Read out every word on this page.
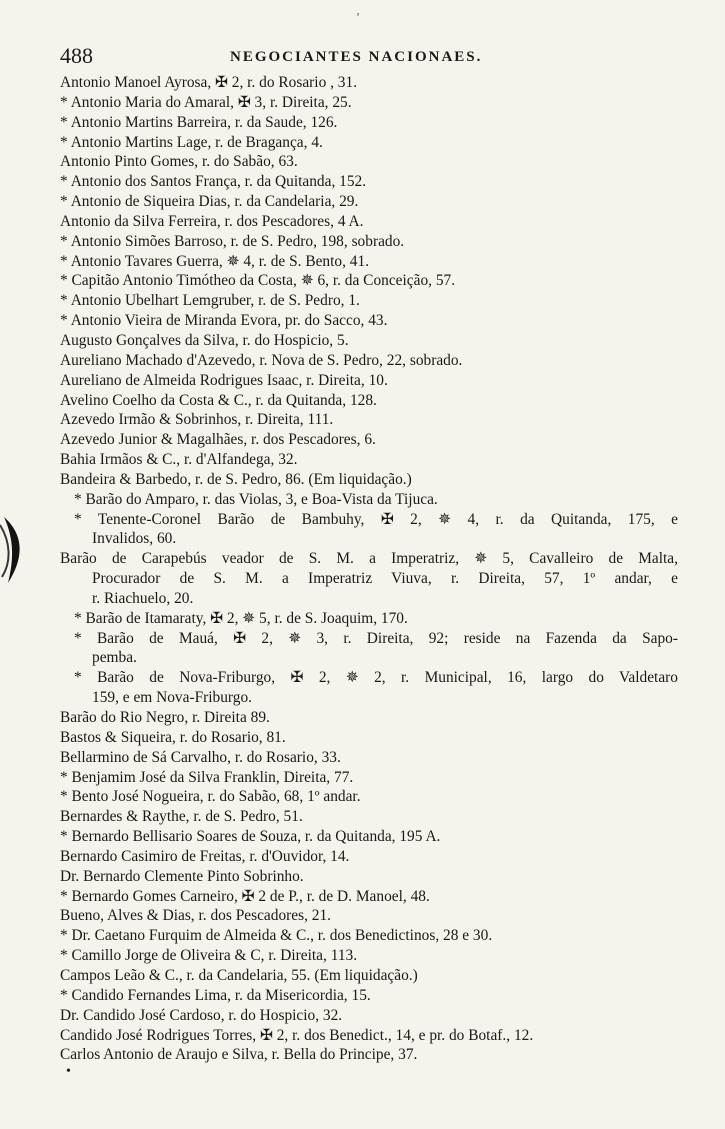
ʼ
488	NEGOCIANTES NACIONAES.
Antonio Manoel Ayrosa, ✠ 2, r. do Rosario , 31.
* Antonio Maria do Amaral, ✠ 3, r. Direita, 25.
* Antonio Martins Barreira, r. da Saude, 126.
* Antonio Martins Lage, r. de Bragança, 4.
Antonio Pinto Gomes, r. do Sabão, 63.
* Antonio dos Santos França, r. da Quitanda, 152.
* Antonio de Siqueira Dias, r. da Candelaria, 29.
Antonio da Silva Ferreira, r. dos Pescadores, 4 A.
* Antonio Simões Barroso, r. de S. Pedro, 198, sobrado.
* Antonio Tavares Guerra, ✵ 4, r. de S. Bento, 41.
* Capitão Antonio Timótheo da Costa, ✵ 6, r. da Conceição, 57.
* Antonio Ubelhart Lemgruber, r. de S. Pedro, 1.
* Antonio Vieira de Miranda Evora, pr. do Sacco, 43.
Augusto Gonçalves da Silva, r. do Hospicio, 5.
Aureliano Machado d'Azevedo, r. Nova de S. Pedro, 22, sobrado.
Aureliano de Almeida Rodrigues Isaac, r. Direita, 10.
Avelino Coelho da Costa & C., r. da Quitanda, 128.
Azevedo Irmão & Sobrinhos, r. Direita, 111.
Azevedo Junior & Magalhães, r. dos Pescadores, 6.
Bahia Irmãos & C., r. d'Alfandega, 32.
Bandeira & Barbedo, r. de S. Pedro, 86. (Em liquidação.)
* Barão do Amparo, r. das Violas, 3, e Boa-Vista da Tijuca.
* Tenente-Coronel Barão de Bambuhy, ✠ 2, ✵ 4, r. da Quitanda, 175, e
Invalidos, 60.
Barão de Carapebús veador de S. M. a Imperatriz, ✵ 5, Cavalleiro de Malta,
Procurador de S. M. a Imperatriz Viuva, r. Direita, 57, 1º andar, e
r. Riachuelo, 20.
* Barão de Itamaraty, ✠ 2, ✵ 5, r. de S. Joaquim, 170.
* Barão de Mauá, ✠ 2, ✵ 3, r. Direita, 92; reside na Fazenda da Sapo-
pemba.
* Barão de Nova-Friburgo, ✠ 2, ✵ 2, r. Municipal, 16, largo do Valdetaro
159, e em Nova-Friburgo.
Barão do Rio Negro, r. Direita 89.
Bastos & Siqueira, r. do Rosario, 81.
Bellarmino de Sá Carvalho, r. do Rosario, 33.
* Benjamim José da Silva Franklin, Direita, 77.
* Bento José Nogueira, r. do Sabão, 68, 1º andar.
Bernardes & Raythe, r. de S. Pedro, 51.
* Bernardo Bellisario Soares de Souza, r. da Quitanda, 195 A.
Bernardo Casimiro de Freitas, r. d'Ouvidor, 14.
Dr. Bernardo Clemente Pinto Sobrinho.
* Bernardo Gomes Carneiro, ✠ 2 de P., r. de D. Manoel, 48.
Bueno, Alves & Dias, r. dos Pescadores, 21.
* Dr. Caetano Furquim de Almeida & C., r. dos Benedictinos, 28 e 30.
* Camillo Jorge de Oliveira & C, r. Direita, 113.
Campos Leão & C., r. da Candelaria, 55. (Em liquidação.)
* Candido Fernandes Lima, r. da Misericordia, 15.
Dr. Candido José Cardoso, r. do Hospicio, 32.
Candido José Rodrigues Torres, ✠ 2, r. dos Benedict., 14, e pr. do Botaf., 12.
Carlos Antonio de Araujo e Silva, r. Bella do Principe, 37.
•
